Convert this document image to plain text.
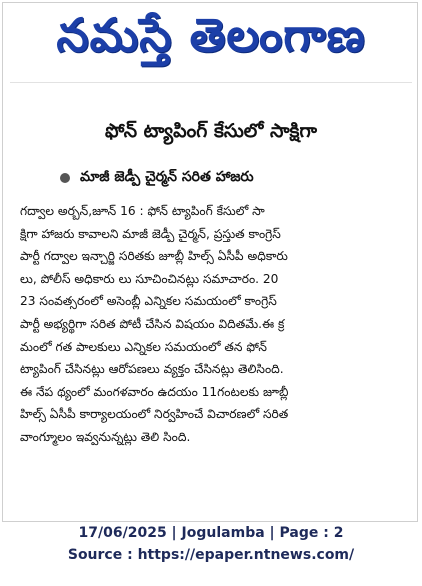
నమస్తే తెలంగాణ
ఫోన్ ట్యాపింగ్ కేసులో సాక్షిగా
మాజీ జెడ్పీ చైర్మన్ సరిత హాజరు
గద్వాల అర్బన్,జూన్ 16 : ఫోన్ ట్యాపింగ్ కేసులో సా
క్షిగా హాజరు కావాలని మాజీ జెడ్పీ చైర్మన్, ప్రస్తుత కాంగ్రెస్
పార్టీ గద్వాల ఇన్చార్జి సరితకు జూబ్లీ హిల్స్ ఏసీపీ అధికారు
లు, పోలీస్ అధికారు లు సూచించినట్లు సమాచారం. 20
23 సంవత్సరంలో అసెంబ్లీ ఎన్నికల సమయంలో కాంగ్రెస్
పార్టీ అభ్యర్థిగా సరిత పోటీ చేసిన విషయం విదితమే.ఈ క్ర
మంలో గత పాలకులు ఎన్నికల సమయంలో తన ఫోన్
ట్యాపింగ్ చేసినట్లు ఆరోపణలు వ్యక్తం చేసినట్లు తెలిసింది.
ఈ నేప థ్యంలో మంగళవారం ఉదయం 11గంటలకు జూబ్లీ
హిల్స్ ఏసీపీ కార్యాలయంలో నిర్వహించే విచారణలో సరిత
వాంగ్మూలం ఇవ్వనున్నట్లు తెలి సింది.
17/06/2025 | Jogulamba | Page : 2
Source : https://epaper.ntnews.com/
